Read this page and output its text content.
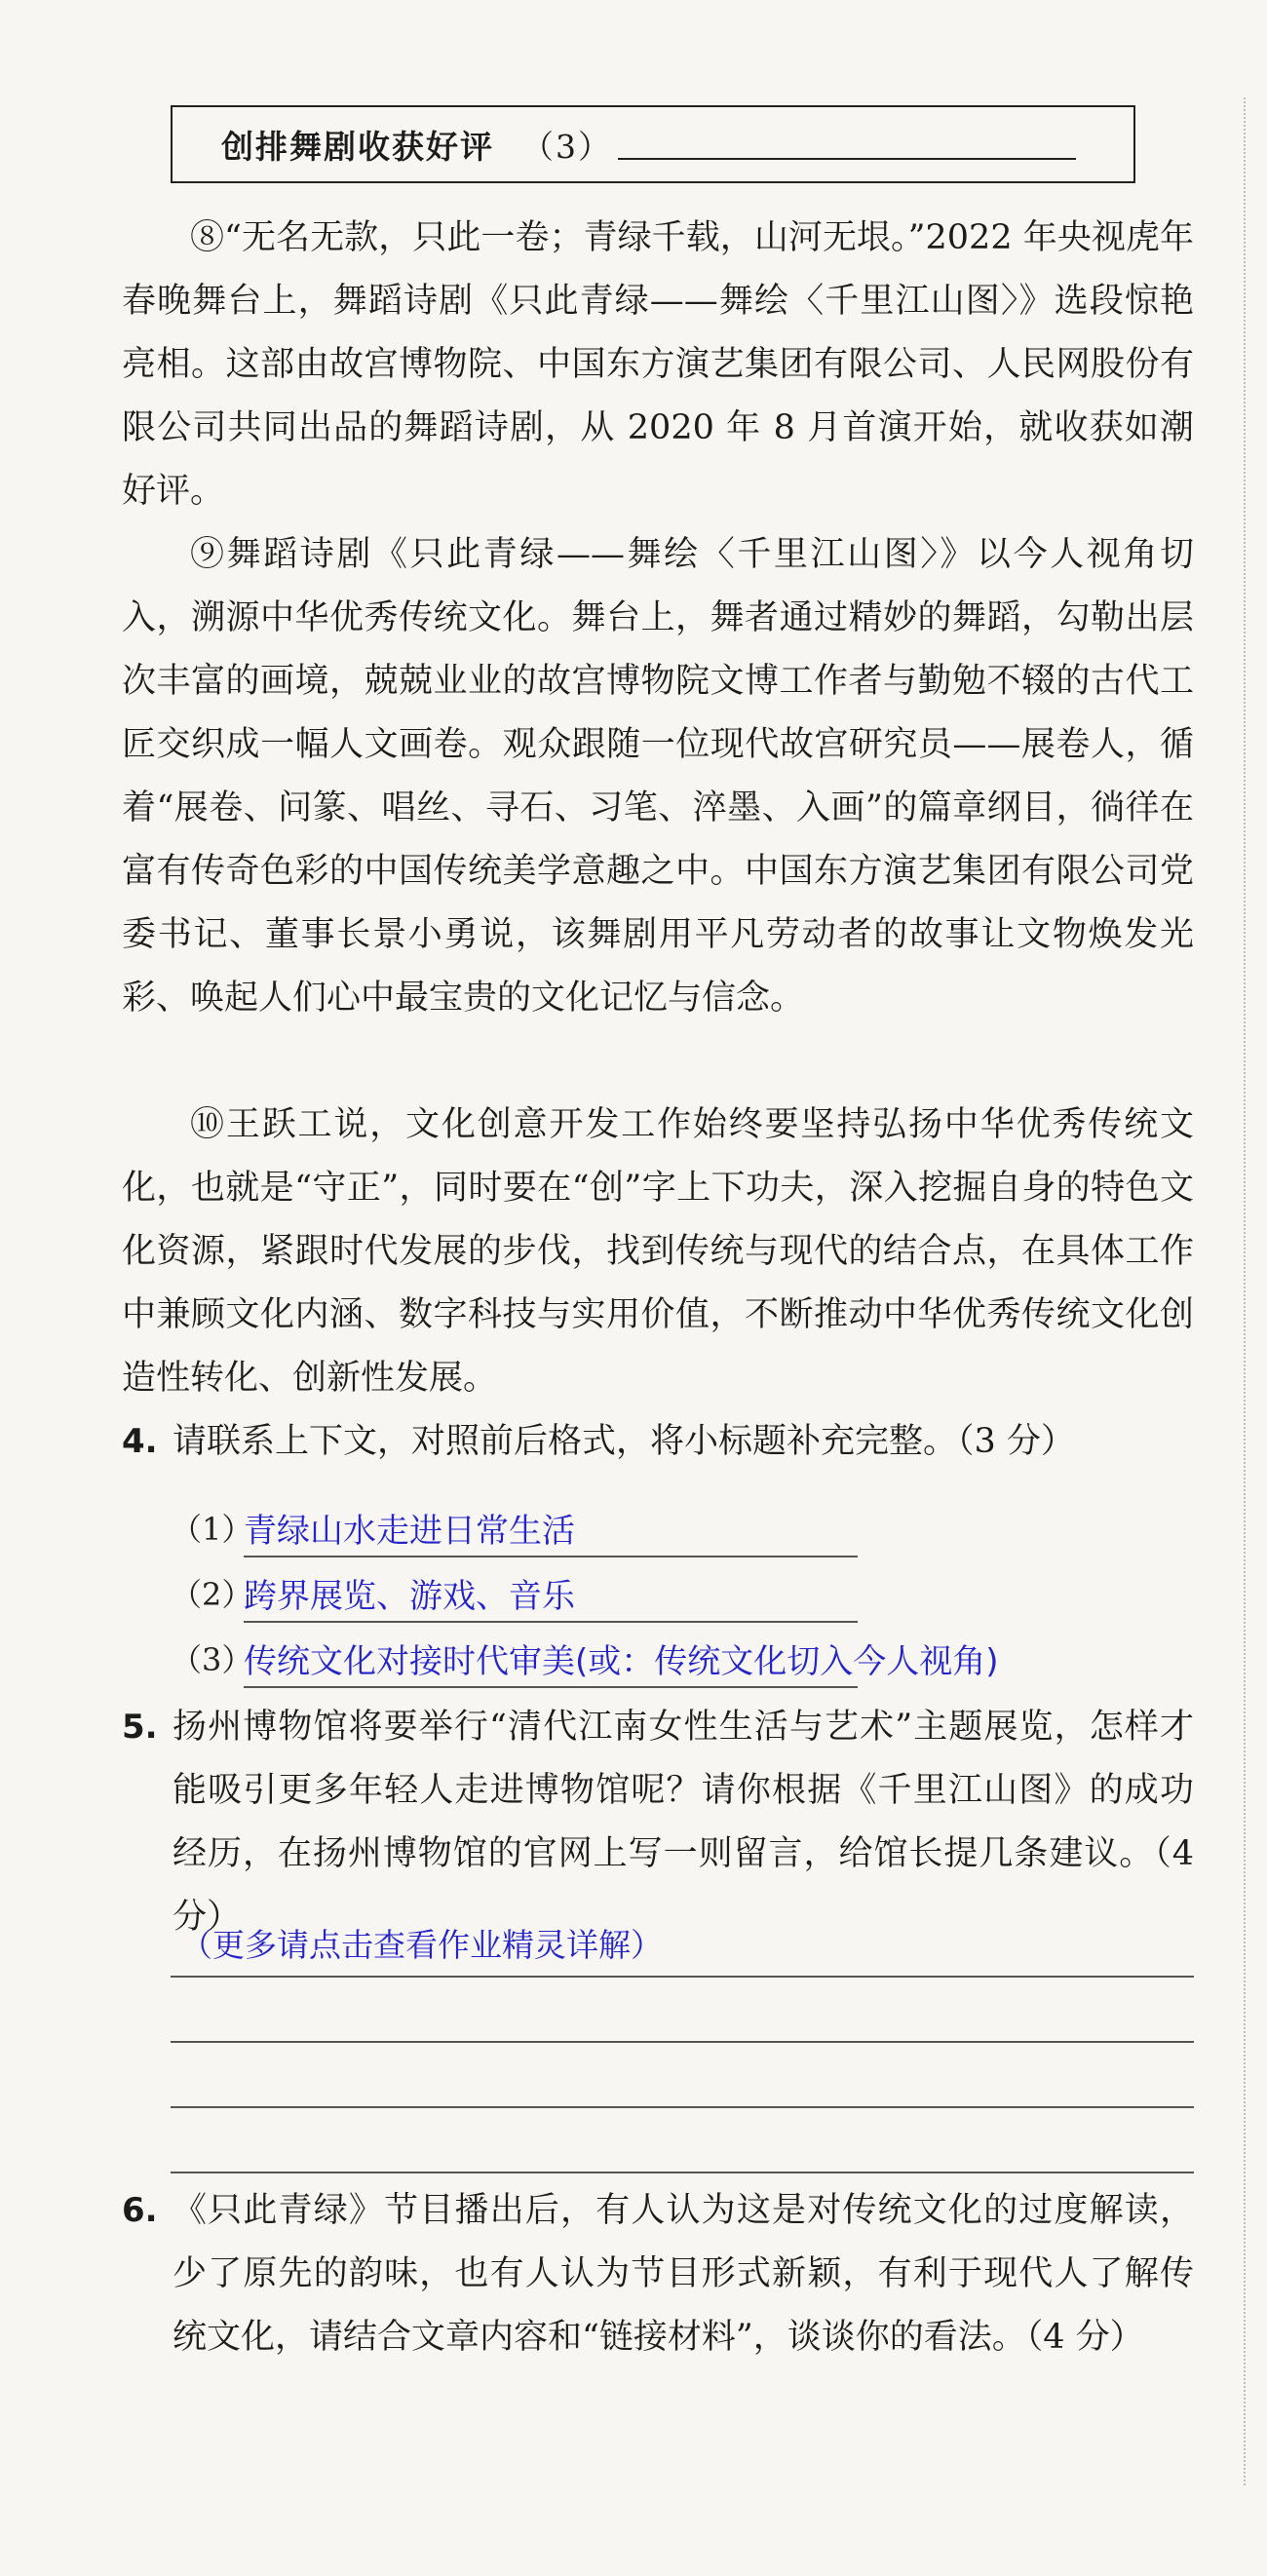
创排舞剧收获好评 （3）

⑧“无名无款，只此一卷；青绿千载，山河无垠。”2022 年央视虎年春晚舞台上，舞蹈诗剧《只此青绿——舞绘〈千里江山图〉》选段惊艳亮相。这部由故宫博物院、中国东方演艺集团有限公司、人民网股份有限公司共同出品的舞蹈诗剧，从 2020 年 8 月首演开始，就收获如潮好评。

⑨舞蹈诗剧《只此青绿——舞绘〈千里江山图〉》以今人视角切入，溯源中华优秀传统文化。舞台上，舞者通过精妙的舞蹈，勾勒出层次丰富的画境，兢兢业业的故宫博物院文博工作者与勤勉不辍的古代工匠交织成一幅人文画卷。观众跟随一位现代故宫研究员——展卷人，循着“展卷、问篆、唱丝、寻石、习笔、淬墨、入画”的篇章纲目，徜徉在富有传奇色彩的中国传统美学意趣之中。中国东方演艺集团有限公司党委书记、董事长景小勇说，该舞剧用平凡劳动者的故事让文物焕发光彩、唤起人们心中最宝贵的文化记忆与信念。

⑩王跃工说，文化创意开发工作始终要坚持弘扬中华优秀传统文化，也就是“守正”，同时要在“创”字上下功夫，深入挖掘自身的特色文化资源，紧跟时代发展的步伐，找到传统与现代的结合点，在具体工作中兼顾文化内涵、数字科技与实用价值，不断推动中华优秀传统文化创造性转化、创新性发展。

4. 请联系上下文，对照前后格式，将小标题补充完整。（3 分）
（1）
青绿山水走进日常生活
（2）
跨界展览、游戏、音乐
（3）
传统文化对接时代审美(或：传统文化切入今人视角)
5. 扬州博物馆将要举行“清代江南女性生活与艺术”主题展览，怎样才能吸引更多年轻人走进博物馆呢？请你根据《千里江山图》的成功经历，在扬州博物馆的官网上写一则留言，给馆长提几条建议。（4 分）
（更多请点击查看作业精灵详解）
6. 《只此青绿》节目播出后，有人认为这是对传统文化的过度解读，少了原先的韵味，也有人认为节目形式新颖，有利于现代人了解传统文化，请结合文章内容和“链接材料”，谈谈你的看法。（4 分）
